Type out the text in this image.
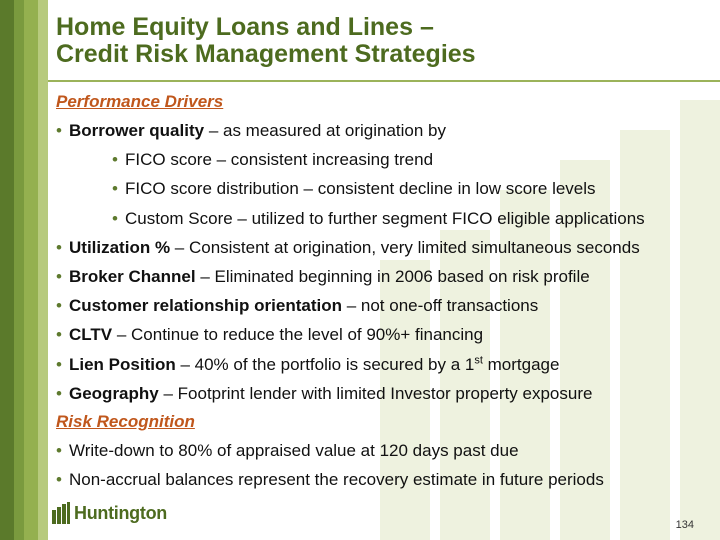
Home Equity Loans and Lines –
Credit Risk Management Strategies
Performance Drivers
• Borrower quality – as measured at origination by
• FICO score – consistent increasing trend
• FICO score distribution – consistent decline in low score levels
• Custom Score – utilized to further segment FICO eligible applications
• Utilization % – Consistent at origination, very limited simultaneous seconds
• Broker Channel – Eliminated beginning in 2006 based on risk profile
• Customer relationship orientation – not one-off transactions
• CLTV – Continue to reduce the level of 90%+ financing
• Lien Position – 40% of the portfolio is secured by a 1st mortgage
• Geography – Footprint lender with limited Investor property exposure
Risk Recognition
• Write-down to 80% of appraised value at 120 days past due
• Non-accrual balances represent the recovery estimate in future periods
Huntington
134
